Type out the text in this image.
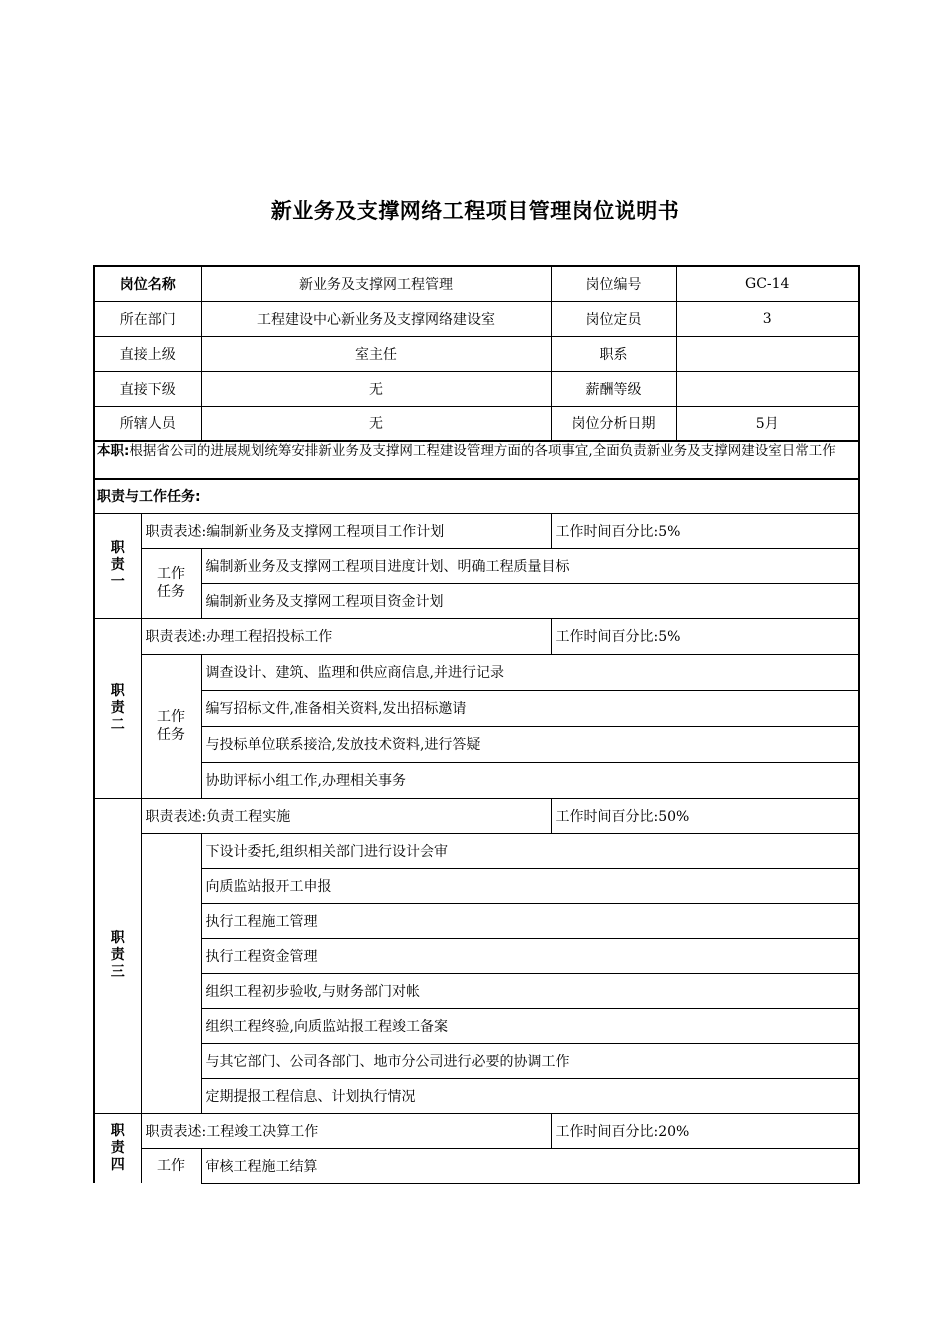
新业务及支撑网络工程项目管理岗位说明书
岗位名称		新业务及支撑网工程管理	岗位编号	GC-14
所在部门		工程建设中心新业务及支撑网络建设室	岗位定员	3
直接上级		室主任	职系	
直接下级		无	薪酬等级	
所辖人员		无	岗位分析日期	5月
本职:根据省公司的进展规划统筹安排新业务及支撑网工程建设管理方面的各项事宜,全面负责新业务及支撑网建设室日常工作				
职责与工作任务:				

职
责
一	职责表述:编制新业务及支撑网工程项目工作计划		工作时间百分比:5%	
	工作
任务	编制新业务及支撑网工程项目进度计划、明确工程质量目标		
		编制新业务及支撑网工程项目资金计划		

职
责
二	职责表述:办理工程招投标工作		工作时间百分比:5%	
	工作
任务	调查设计、建筑、监理和供应商信息,并进行记录		
		编写招标文件,准备相关资料,发出招标邀请		
		与投标单位联系接洽,发放技术资料,进行答疑		
		协助评标小组工作,办理相关事务		

职
责
三	职责表述:负责工程实施		工作时间百分比:50%	
		下设计委托,组织相关部门进行设计会审		
		向质监站报开工申报		
		执行工程施工管理		
		执行工程资金管理		
		组织工程初步验收,与财务部门对帐		
		组织工程终验,向质监站报工程竣工备案		
		与其它部门、公司各部门、地市分公司进行必要的协调工作		
		定期提报工程信息、计划执行情况		

职
责
四	职责表述:工程竣工决算工作		工作时间百分比:20%	
	工作	审核工程施工结算		
